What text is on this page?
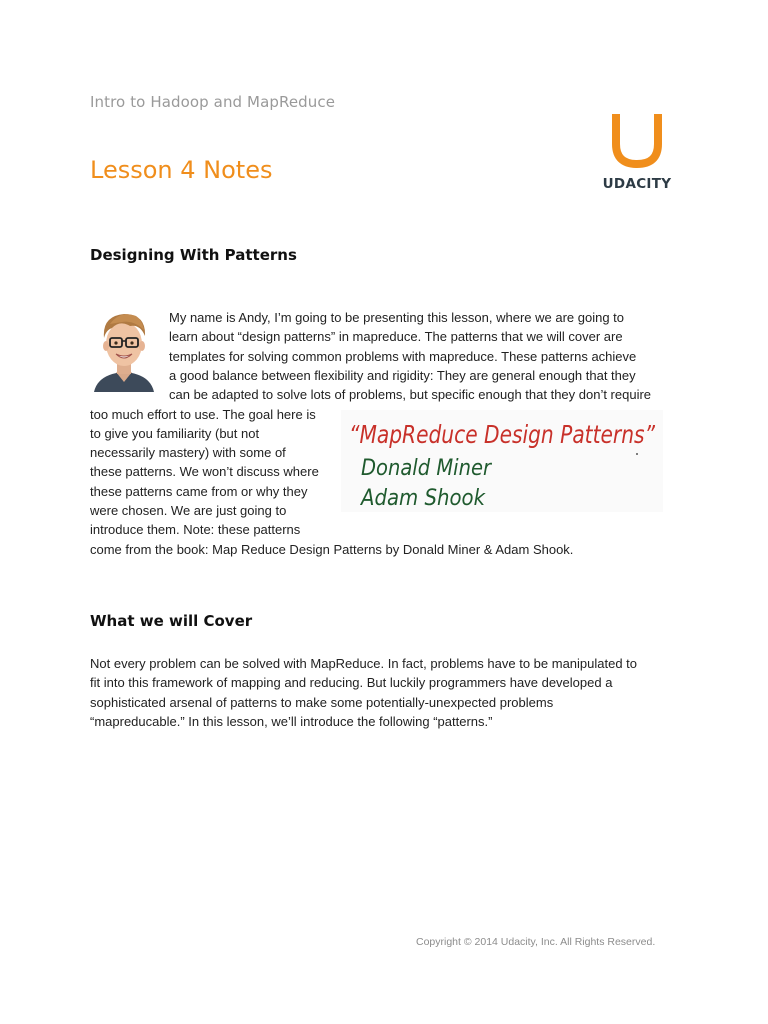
Intro to Hadoop and MapReduce
Lesson 4 Notes	UDACITY
Designing With Patterns
My name is Andy, I’m going to be presenting this lesson, where we are going to
learn about “design patterns” in mapreduce. The patterns that we will cover are
templates for solving common problems with mapreduce. These patterns achieve
a good balance between flexibility and rigidity: They are general enough that they
can be adapted to solve lots of problems, but specific enough that they don’t require
too much effort to use. The goal here is
to give you familiarity (but not
necessarily mastery) with some of
these patterns. We won’t discuss where
these patterns came from or why they
were chosen. We are just going to
introduce them. Note: these patterns
come from the book: Map Reduce Design Patterns by Donald Miner & Adam Shook.
“MapReduce Design Patterns”
Donald Miner
Adam Shook
What we will Cover
Not every problem can be solved with MapReduce. In fact, problems have to be manipulated to
fit into this framework of mapping and reducing. But luckily programmers have developed a
sophisticated arsenal of patterns to make some potentially-unexpected problems
“mapreducable.” In this lesson, we’ll introduce the following “patterns.”
Copyright © 2014 Udacity, Inc. All Rights Reserved.
